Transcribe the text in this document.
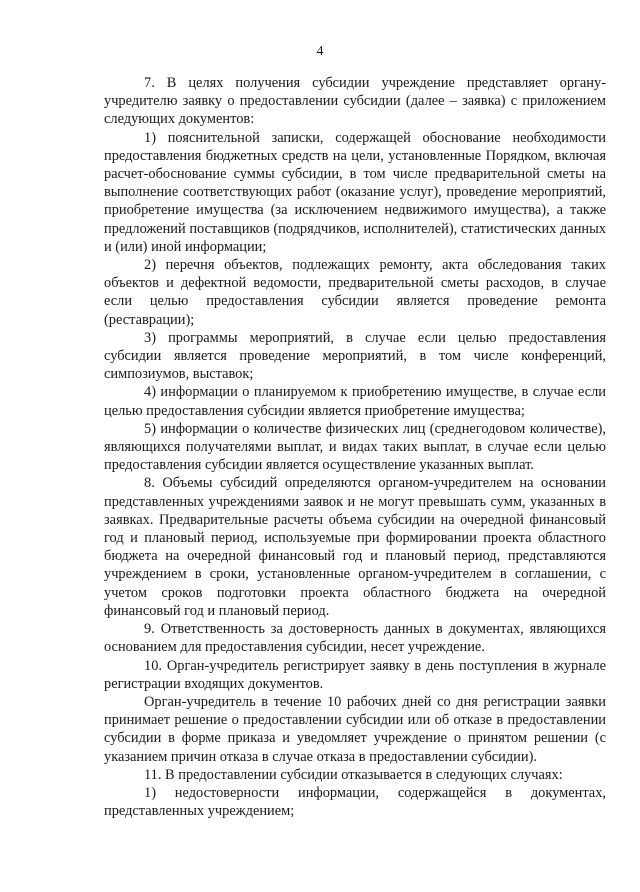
4

7. В целях получения субсидии учреждение представляет органу-учредителю заявку о предоставлении субсидии (далее – заявка) с приложением следующих документов:

1) пояснительной записки, содержащей обоснование необходимости предоставления бюджетных средств на цели, установленные Порядком, включая расчет-обоснование суммы субсидии, в том числе предварительной сметы на выполнение соответствующих работ (оказание услуг), проведение мероприятий, приобретение имущества (за исключением недвижимого имущества), а также предложений поставщиков (подрядчиков, исполнителей), статистических данных и (или) иной информации;

2) перечня объектов, подлежащих ремонту, акта обследования таких объектов и дефектной ведомости, предварительной сметы расходов, в случае если целью предоставления субсидии является проведение ремонта (реставрации);

3) программы мероприятий, в случае если целью предоставления субсидии является проведение мероприятий, в том числе конференций, симпозиумов, выставок;

4) информации о планируемом к приобретению имуществе, в случае если целью предоставления субсидии является приобретение имущества;

5) информации о количестве физических лиц (среднегодовом количестве), являющихся получателями выплат, и видах таких выплат, в случае если целью предоставления субсидии является осуществление указанных выплат.

8. Объемы субсидий определяются органом-учредителем на основании представленных учреждениями заявок и не могут превышать сумм, указанных в заявках. Предварительные расчеты объема субсидии на очередной финансовый год и плановый период, используемые при формировании проекта областного бюджета на очередной финансовый год и плановый период, представляются учреждением в сроки, установленные органом-учредителем в соглашении, с учетом сроков подготовки проекта областного бюджета на очередной финансовый год и плановый период.

9. Ответственность за достоверность данных в документах, являющихся основанием для предоставления субсидии, несет учреждение.

10. Орган-учредитель регистрирует заявку в день поступления в журнале регистрации входящих документов.

Орган-учредитель в течение 10 рабочих дней со дня регистрации заявки принимает решение о предоставлении субсидии или об отказе в предоставлении субсидии в форме приказа и уведомляет учреждение о принятом решении (с указанием причин отказа в случае отказа в предоставлении субсидии).

11. В предоставлении субсидии отказывается в следующих случаях:

1) недостоверности информации, содержащейся в документах, представленных учреждением;
